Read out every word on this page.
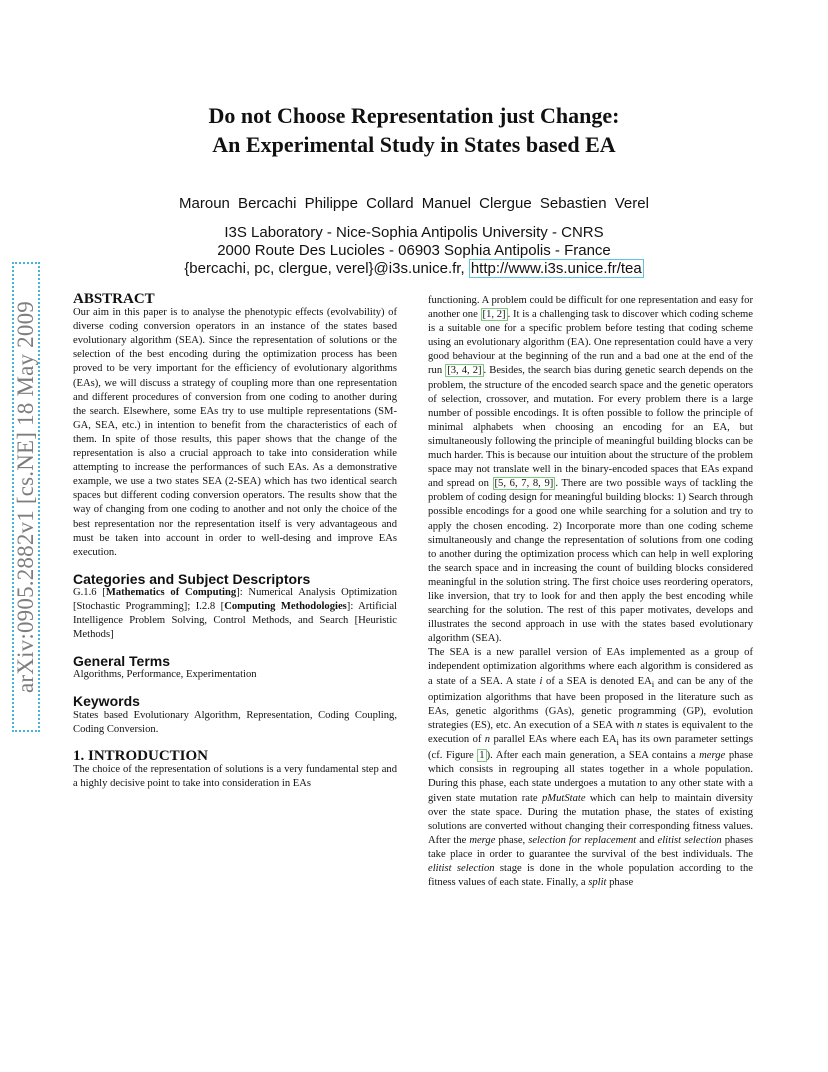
arXiv:0905.2882v1 [cs.NE] 18 May 2009
Do not Choose Representation just Change:
An Experimental Study in States based EA
Maroun Bercachi Philippe Collard Manuel Clergue Sebastien Verel
I3S Laboratory - Nice-Sophia Antipolis University - CNRS
2000 Route Des Lucioles - 06903 Sophia Antipolis - France
{bercachi, pc, clergue, verel}@i3s.unice.fr, http://www.i3s.unice.fr/tea
ABSTRACT

Our aim in this paper is to analyse the phenotypic effects (evolvability) of diverse coding conversion operators in an instance of the states based evolutionary algorithm (SEA). Since the representation of solutions or the selection of the best encoding during the optimization process has been proved to be very important for the efficiency of evolutionary algorithms (EAs), we will discuss a strategy of coupling more than one representation and different procedures of conversion from one coding to another during the search. Elsewhere, some EAs try to use multiple representations (SM-GA, SEA, etc.) in intention to benefit from the characteristics of each of them. In spite of those results, this paper shows that the change of the representation is also a crucial approach to take into consideration while attempting to increase the performances of such EAs. As a demonstrative example, we use a two states SEA (2-SEA) which has two identical search spaces but different coding conversion operators. The results show that the way of changing from one coding to another and not only the choice of the best representation nor the representation itself is very advantageous and must be taken into account in order to well-desing and improve EAs execution.

Categories and Subject Descriptors

G.1.6 [Mathematics of Computing]: Numerical Analysis Optimization [Stochastic Programming]; I.2.8 [Computing Methodologies]: Artificial Intelligence Problem Solving, Control Methods, and Search [Heuristic Methods]

General Terms

Algorithms, Performance, Experimentation

Keywords

States based Evolutionary Algorithm, Representation, Coding Coupling, Coding Conversion.

1. INTRODUCTION

The choice of the representation of solutions is a very fundamental step and a highly decisive point to take into consideration in EAs

functioning. A problem could be difficult for one representation and easy for another one [1, 2] . It is a challenging task to discover which coding scheme is a suitable one for a specific problem before testing that coding scheme using an evolutionary algorithm (EA). One representation could have a very good behaviour at the beginning of the run and a bad one at the end of the run [3, 4, 2] . Besides, the search bias during genetic search depends on the problem, the structure of the encoded search space and the genetic operators of selection, crossover, and mutation. For every problem there is a large number of possible encodings. It is often possible to follow the principle of minimal alphabets when choosing an encoding for an EA, but simultaneously following the principle of meaningful building blocks can be much harder. This is because our intuition about the structure of the problem space may not translate well in the binary-encoded spaces that EAs expand and spread on [5, 6, 7, 8, 9] . There are two possible ways of tackling the problem of coding design for meaningful building blocks: 1) Search through possible encodings for a good one while searching for a solution and try to apply the chosen encoding. 2) Incorporate more than one coding scheme simultaneously and change the representation of solutions from one coding to another during the optimization process which can help in well exploring the search space and in increasing the count of building blocks considered meaningful in the solution string. The first choice uses reordering operators, like inversion, that try to look for and then apply the best encoding while searching for the solution. The rest of this paper motivates, develops and illustrates the second approach in use with the states based evolutionary algorithm (SEA).

The SEA is a new parallel version of EAs implemented as a group of independent optimization algorithms where each algorithm is considered as a state of a SEA. A state i of a SEA is denoted $EA_i$ and can be any of the optimization algorithms that have been proposed in the literature such as EAs, genetic algorithms (GAs), genetic programming (GP), evolution strategies (ES), etc. An execution of a SEA with n states is equivalent to the execution of n parallel EAs where each $EA_i$ has its own parameter settings (cf. Figure 1 ). After each main generation, a SEA contains a merge phase which consists in regrouping all states together in a whole population. During this phase, each state undergoes a mutation to any other state with a given state mutation rate pMutState which can help to maintain diversity over the state space. During the mutation phase, the states of existing solutions are converted without changing their corresponding fitness values. After the merge phase, selection for replacement and elitist selection phases take place in order to guarantee the survival of the best individuals. The elitist selection stage is done in the whole population according to the fitness values of each state. Finally, a split phase
